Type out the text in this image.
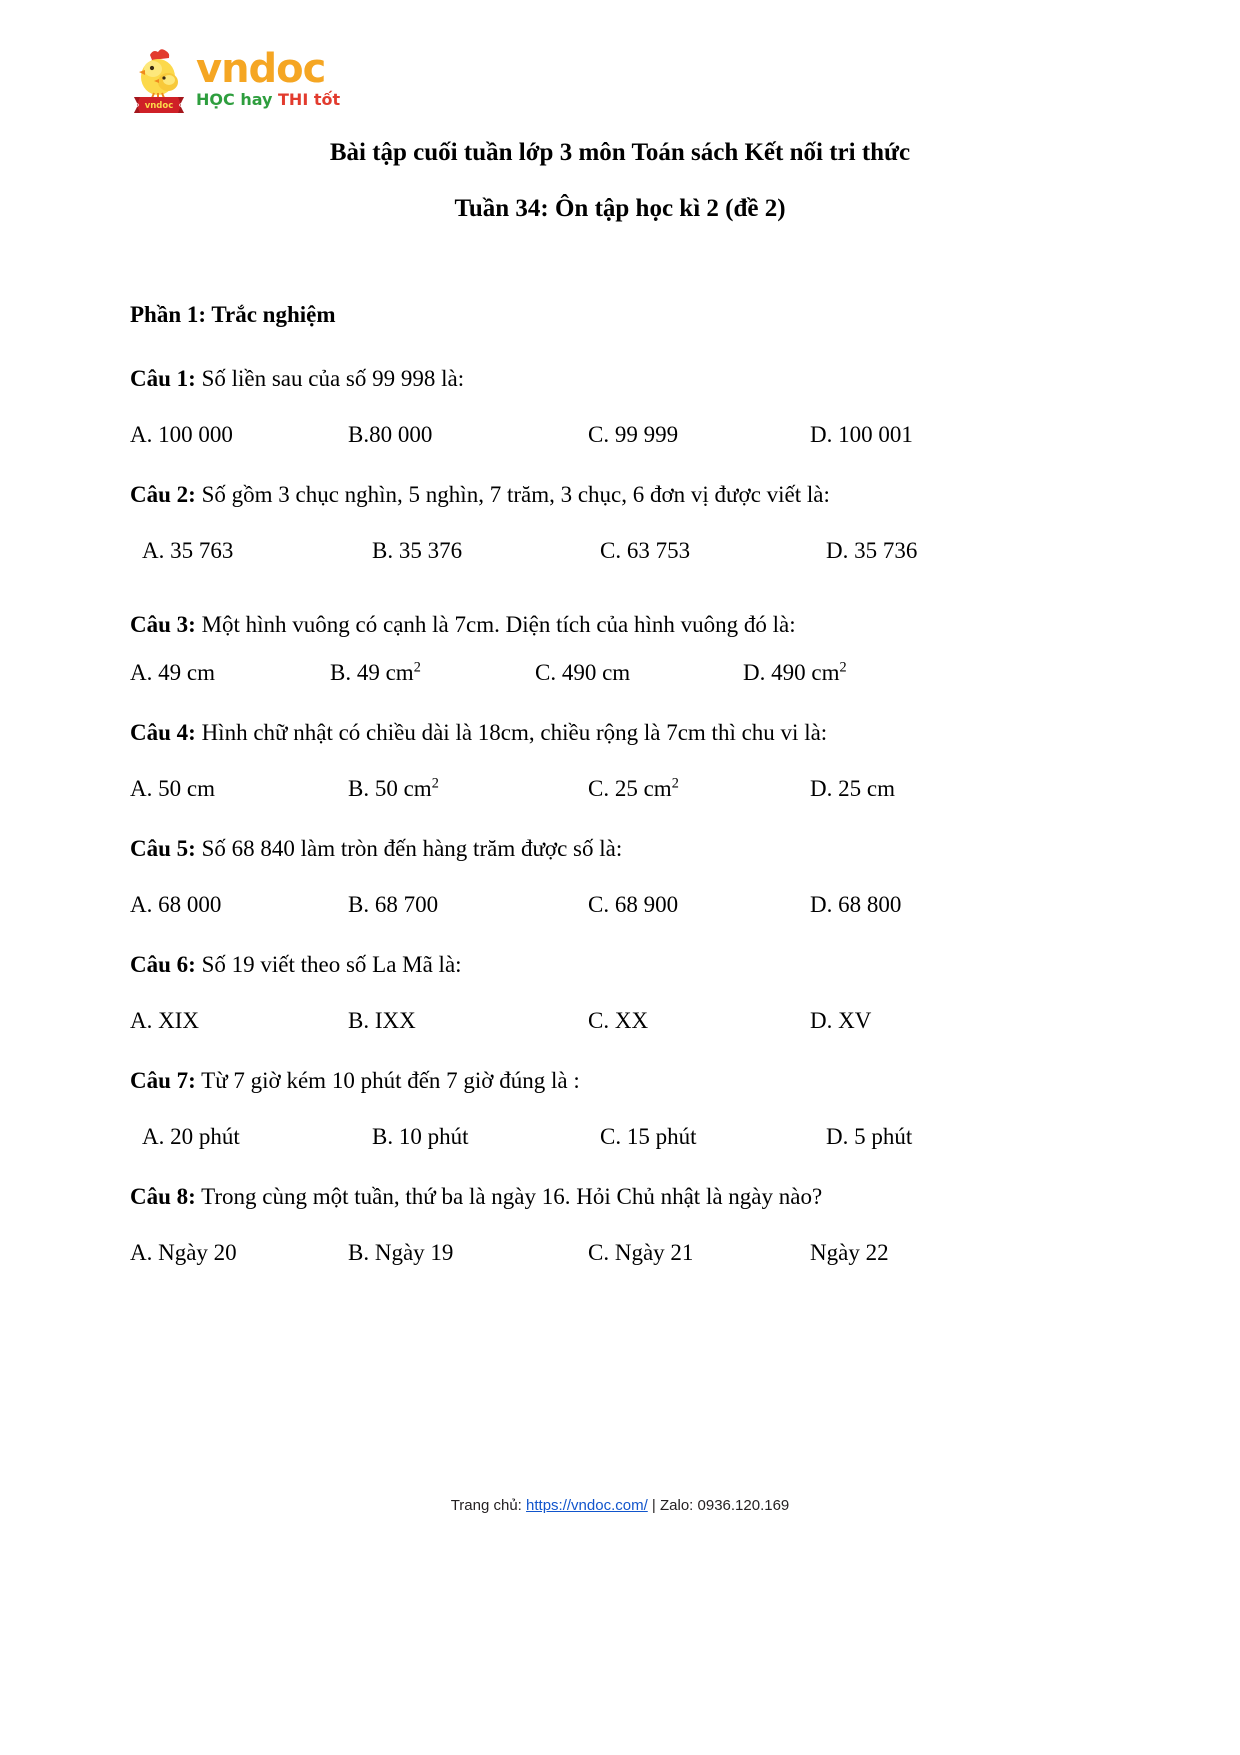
vndoc
vndoc
HỌC hay THI tốt
Bài tập cuối tuần lớp 3 môn Toán sách Kết nối tri thức
Tuần 34: Ôn tập học kì 2 (đề 2)
Phần 1: Trắc nghiệm

Câu 1: Số liền sau của số 99 998 là:

A. 100 000	B.80 000	C. 99 999	D. 100 001

Câu 2: Số gồm 3 chục nghìn, 5 nghìn, 7 trăm, 3 chục, 6 đơn vị được viết là:

A. 35 763	B. 35 376	C. 63 753	D. 35 736

Câu 3: Một hình vuông có cạnh là 7cm. Diện tích của hình vuông đó là:

A. 49 cm	B. 49 $cm^2$	C. 490 cm	D. 490 $cm^2$

Câu 4: Hình chữ nhật có chiều dài là 18cm, chiều rộng là 7cm thì chu vi là:

A. 50 cm	B. 50 $cm^2$	C. 25 $cm^2$	D. 25 cm

Câu 5: Số 68 840 làm tròn đến hàng trăm được số là:

A. 68 000	B. 68 700	C. 68 900	D. 68 800

Câu 6: Số 19 viết theo số La Mã là:

A. XIX	B. IXX	C. XX	D. XV

Câu 7: Từ 7 giờ kém 10 phút đến 7 giờ đúng là :

A. 20 phút	B. 10 phút	C. 15 phút	D. 5 phút

Câu 8: Trong cùng một tuần, thứ ba là ngày 16. Hỏi Chủ nhật là ngày nào?

A. Ngày 20	B. Ngày 19	C. Ngày 21	Ngày 22
Trang chủ: https://vndoc.com/ | Zalo: 0936.120.169
